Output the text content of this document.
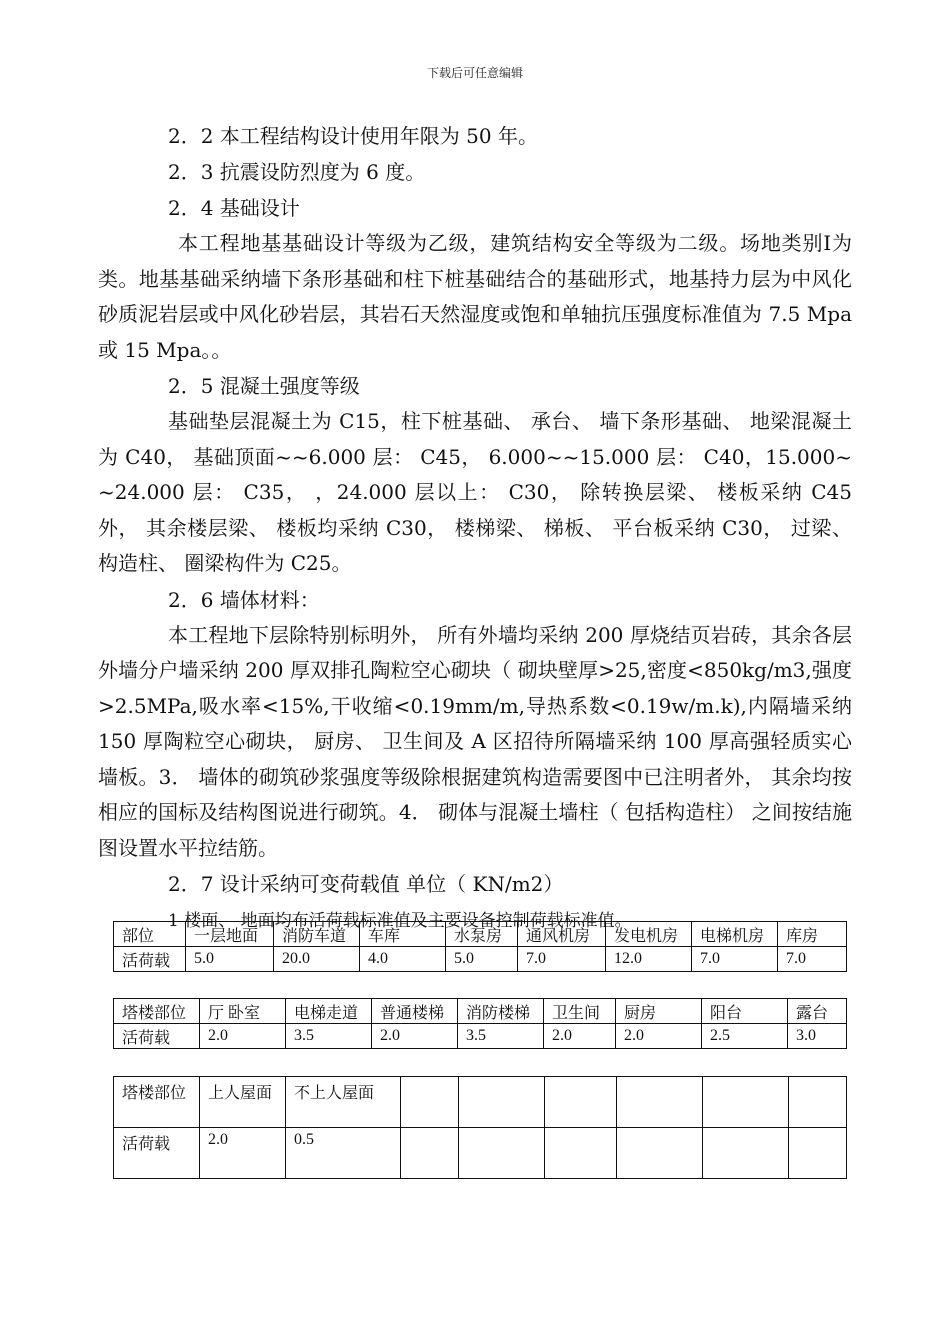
下载后可任意编辑

2．2 本工程结构设计使用年限为 50 年。

2．3 抗震设防烈度为 6 度。

2．4 基础设计

本工程地基基础设计等级为乙级，建筑结构安全等级为二级。场地类别Ⅰ为类。地基基础采纳墙下条形基础和柱下桩基础结合的基础形式，地基持力层为中风化砂质泥岩层或中风化砂岩层，其岩石天然湿度或饱和单轴抗压强度标准值为 7.5 Mpa 或 15 Mpa。。

2．5 混凝土强度等级

基础垫层混凝土为 C15，柱下桩基础、 承台、 墙下条形基础、 地梁混凝土为 C40， 基础顶面~~6.000 层： C45， 6.000~~15.000 层： C40，15.000~~24.000 层： C35， ，24.000 层以上： C30， 除转换层梁、 楼板采纳 C45 外， 其余楼层梁、 楼板均采纳 C30， 楼梯梁、 梯板、 平台板采纳 C30， 过梁、 构造柱、 圈梁构件为 C25。

2．6 墙体材料：

本工程地下层除特别标明外， 所有外墙均采纳 200 厚烧结页岩砖，其余各层外墙分户墙采纳 200 厚双排孔陶粒空心砌块（ 砌块壁厚>25,密度<850kg/m3,强度>2.5MPa,吸水率<15%,干收缩<0.19mm/m,导热系数<0.19w/m.k),内隔墙采纳 150 厚陶粒空心砌块， 厨房、 卫生间及 A 区招待所隔墙采纳 100 厚高强轻质实心墙板。3． 墙体的砌筑砂浆强度等级除根据建筑构造需要图中已注明者外， 其余均按相应的国标及结构图说进行砌筑。4． 砌体与混凝土墙柱（ 包括构造柱） 之间按结施图设置水平拉结筋。

2．7 设计采纳可变荷载值 单位（ KN/m2）

1 楼面、 地面均布活荷载标准值及主要设备控制荷载标准值。

部位	一层地面	消防车道	车库	水泵房	通风机房	发电机房	电梯机房	库房
活荷载	5.0	20.0	4.0	5.0	7.0	12.0	7.0	7.0
塔楼部位	厅 卧室	电梯走道	普通楼梯	消防楼梯	卫生间	厨房	阳台	露台
活荷载	2.0	3.5	2.0	3.5	2.0	2.0	2.5	3.0
塔楼部位	上人屋面	不上人屋面						
活荷载	2.0	0.5						
